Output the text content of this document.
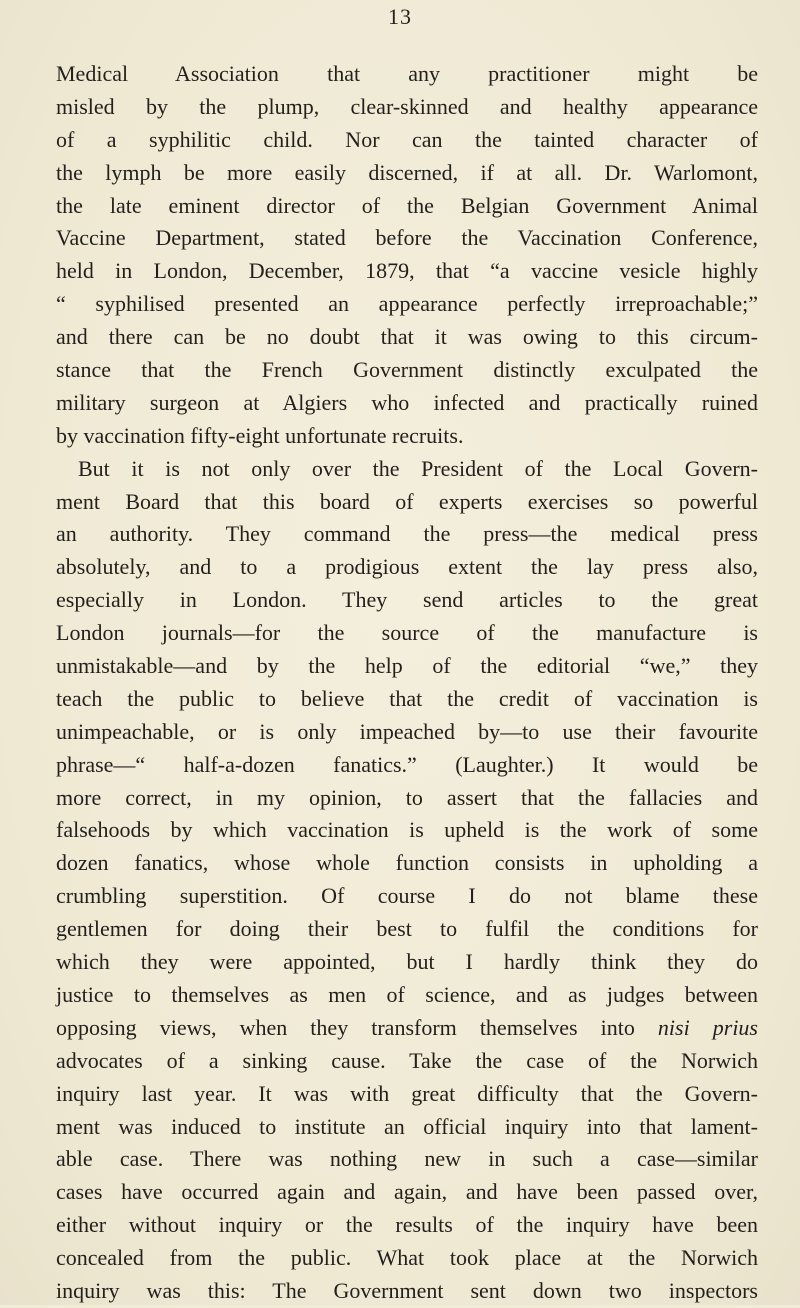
13
Medical Association that any practitioner might be
misled by the plump, clear-skinned and healthy appearance
of a syphilitic child. Nor can the tainted character of
the lymph be more easily discerned, if at all. Dr. Warlomont,
the late eminent director of the Belgian Government Animal
Vaccine Department, stated before the Vaccination Conference,
held in London, December, 1879, that “a vaccine vesicle highly
“ syphilised presented an appearance perfectly irreproachable;”
and there can be no doubt that it was owing to this circum-
stance that the French Government distinctly exculpated the
military surgeon at Algiers who infected and practically ruined
by vaccination fifty-eight unfortunate recruits.
But it is not only over the President of the Local Govern-
ment Board that this board of experts exercises so powerful
an authority. They command the press—the medical press
absolutely, and to a prodigious extent the lay press also,
especially in London. They send articles to the great
London journals—for the source of the manufacture is
unmistakable—and by the help of the editorial “we,” they
teach the public to believe that the credit of vaccination is
unimpeachable, or is only impeached by—to use their favourite
phrase—“ half-a-dozen fanatics.” (Laughter.) It would be
more correct, in my opinion, to assert that the fallacies and
falsehoods by which vaccination is upheld is the work of some
dozen fanatics, whose whole function consists in upholding a
crumbling superstition. Of course I do not blame these
gentlemen for doing their best to fulfil the conditions for
which they were appointed, but I hardly think they do
justice to themselves as men of science, and as judges between
opposing views, when they transform themselves into nisi prius
advocates of a sinking cause. Take the case of the Norwich
inquiry last year. It was with great difficulty that the Govern-
ment was induced to institute an official inquiry into that lament-
able case. There was nothing new in such a case—similar
cases have occurred again and again, and have been passed over,
either without inquiry or the results of the inquiry have been
concealed from the public. What took place at the Norwich
inquiry was this: The Government sent down two inspectors
